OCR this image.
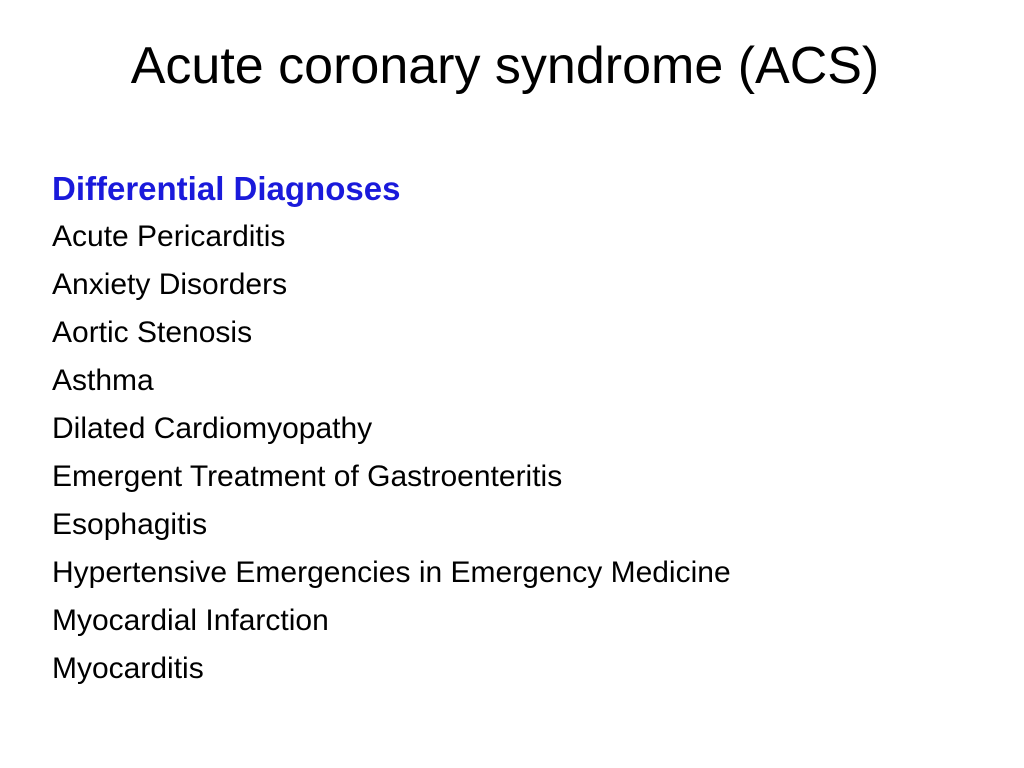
Acute coronary syndrome (ACS)
Differential Diagnoses
Acute Pericarditis
Anxiety Disorders
Aortic Stenosis
Asthma
Dilated Cardiomyopathy
Emergent Treatment of Gastroenteritis
Esophagitis
Hypertensive Emergencies in Emergency Medicine
Myocardial Infarction
Myocarditis
